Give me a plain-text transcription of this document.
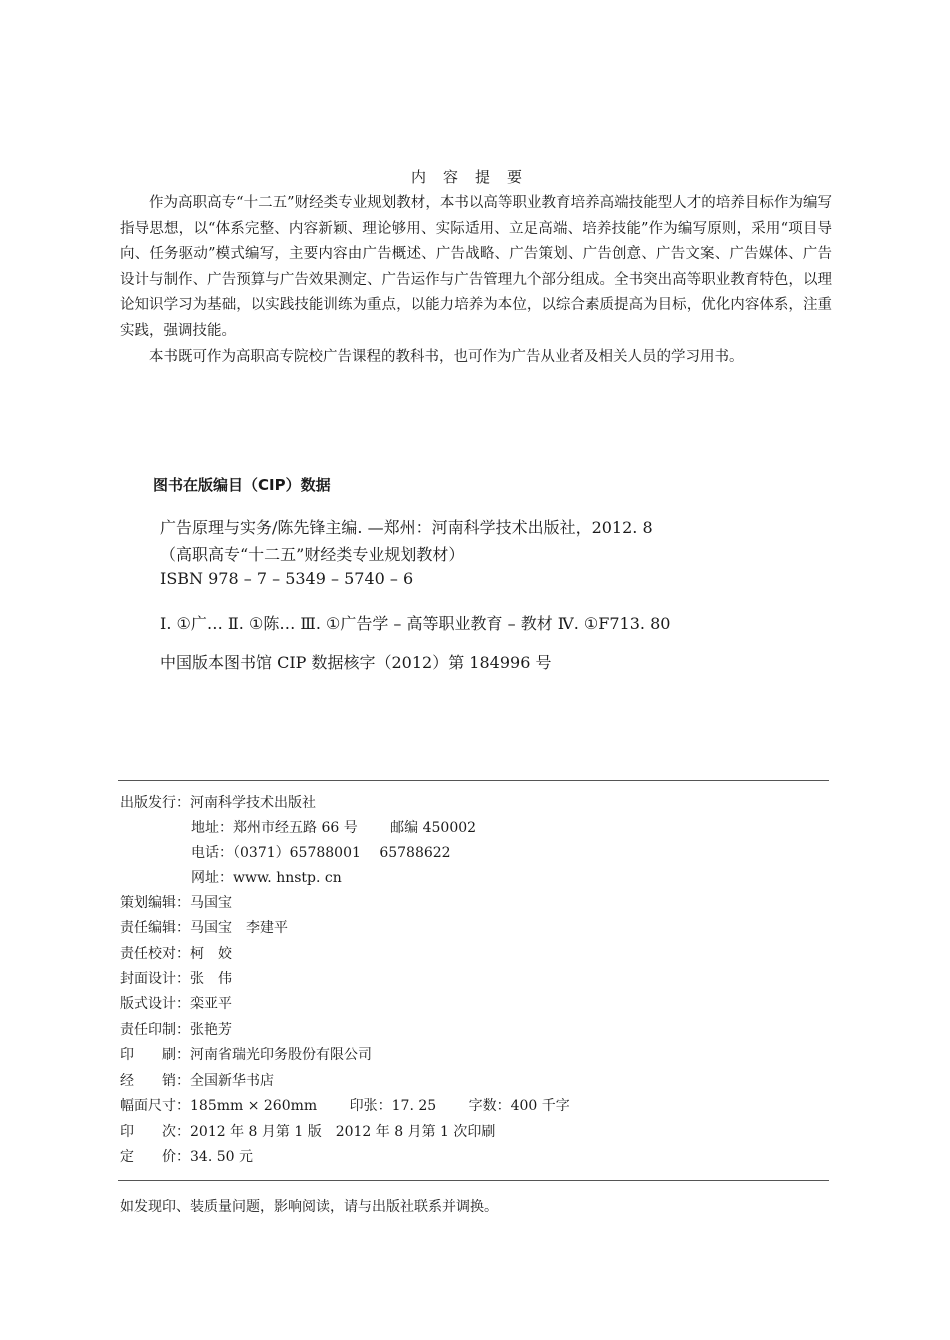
内容提要

作为高职高专“十二五”财经类专业规划教材，本书以高等职业教育培养高端技能型人才的培养目标作为编写指导思想，以“体系完整、内容新颖、理论够用、实际适用、立足高端、培养技能”作为编写原则，采用“项目导向、任务驱动”模式编写，主要内容由广告概述、广告战略、广告策划、广告创意、广告文案、广告媒体、广告设计与制作、广告预算与广告效果测定、广告运作与广告管理九个部分组成。全书突出高等职业教育特色，以理论知识学习为基础，以实践技能训练为重点，以能力培养为本位，以综合素质提高为目标，优化内容体系，注重实践，强调技能。

本书既可作为高职高专院校广告课程的教科书，也可作为广告从业者及相关人员的学习用书。

图书在版编目（CIP）数据
广告原理与实务/陈先锋主编. —郑州：河南科学技术出版社，2012. 8
（高职高专“十二五”财经类专业规划教材）
ISBN 978 – 7 – 5349 – 5740 – 6
Ⅰ. ①广… Ⅱ. ①陈… Ⅲ. ①广告学 – 高等职业教育 – 教材 Ⅳ. ①F713. 80
中国版本图书馆 CIP 数据核字（2012）第 184996 号
出版发行：河南科学技术出版社
地址：郑州市经五路 66 号　　 邮编 450002
电话：（0371）65788001　 65788622
网址：www. hnstp. cn
策划编辑：马国宝
责任编辑：马国宝　李建平
责任校对：柯　姣
封面设计：张　伟
版式设计：栾亚平
责任印制：张艳芳
印　　刷：河南省瑞光印务股份有限公司
经　　销：全国新华书店
幅面尺寸：185mm × 260mm　　 印张：17. 25　　 字数：400 千字
印　　次：2012 年 8 月第 1 版　2012 年 8 月第 1 次印刷
定　　价：34. 50 元
如发现印、装质量问题，影响阅读，请与出版社联系并调换。
